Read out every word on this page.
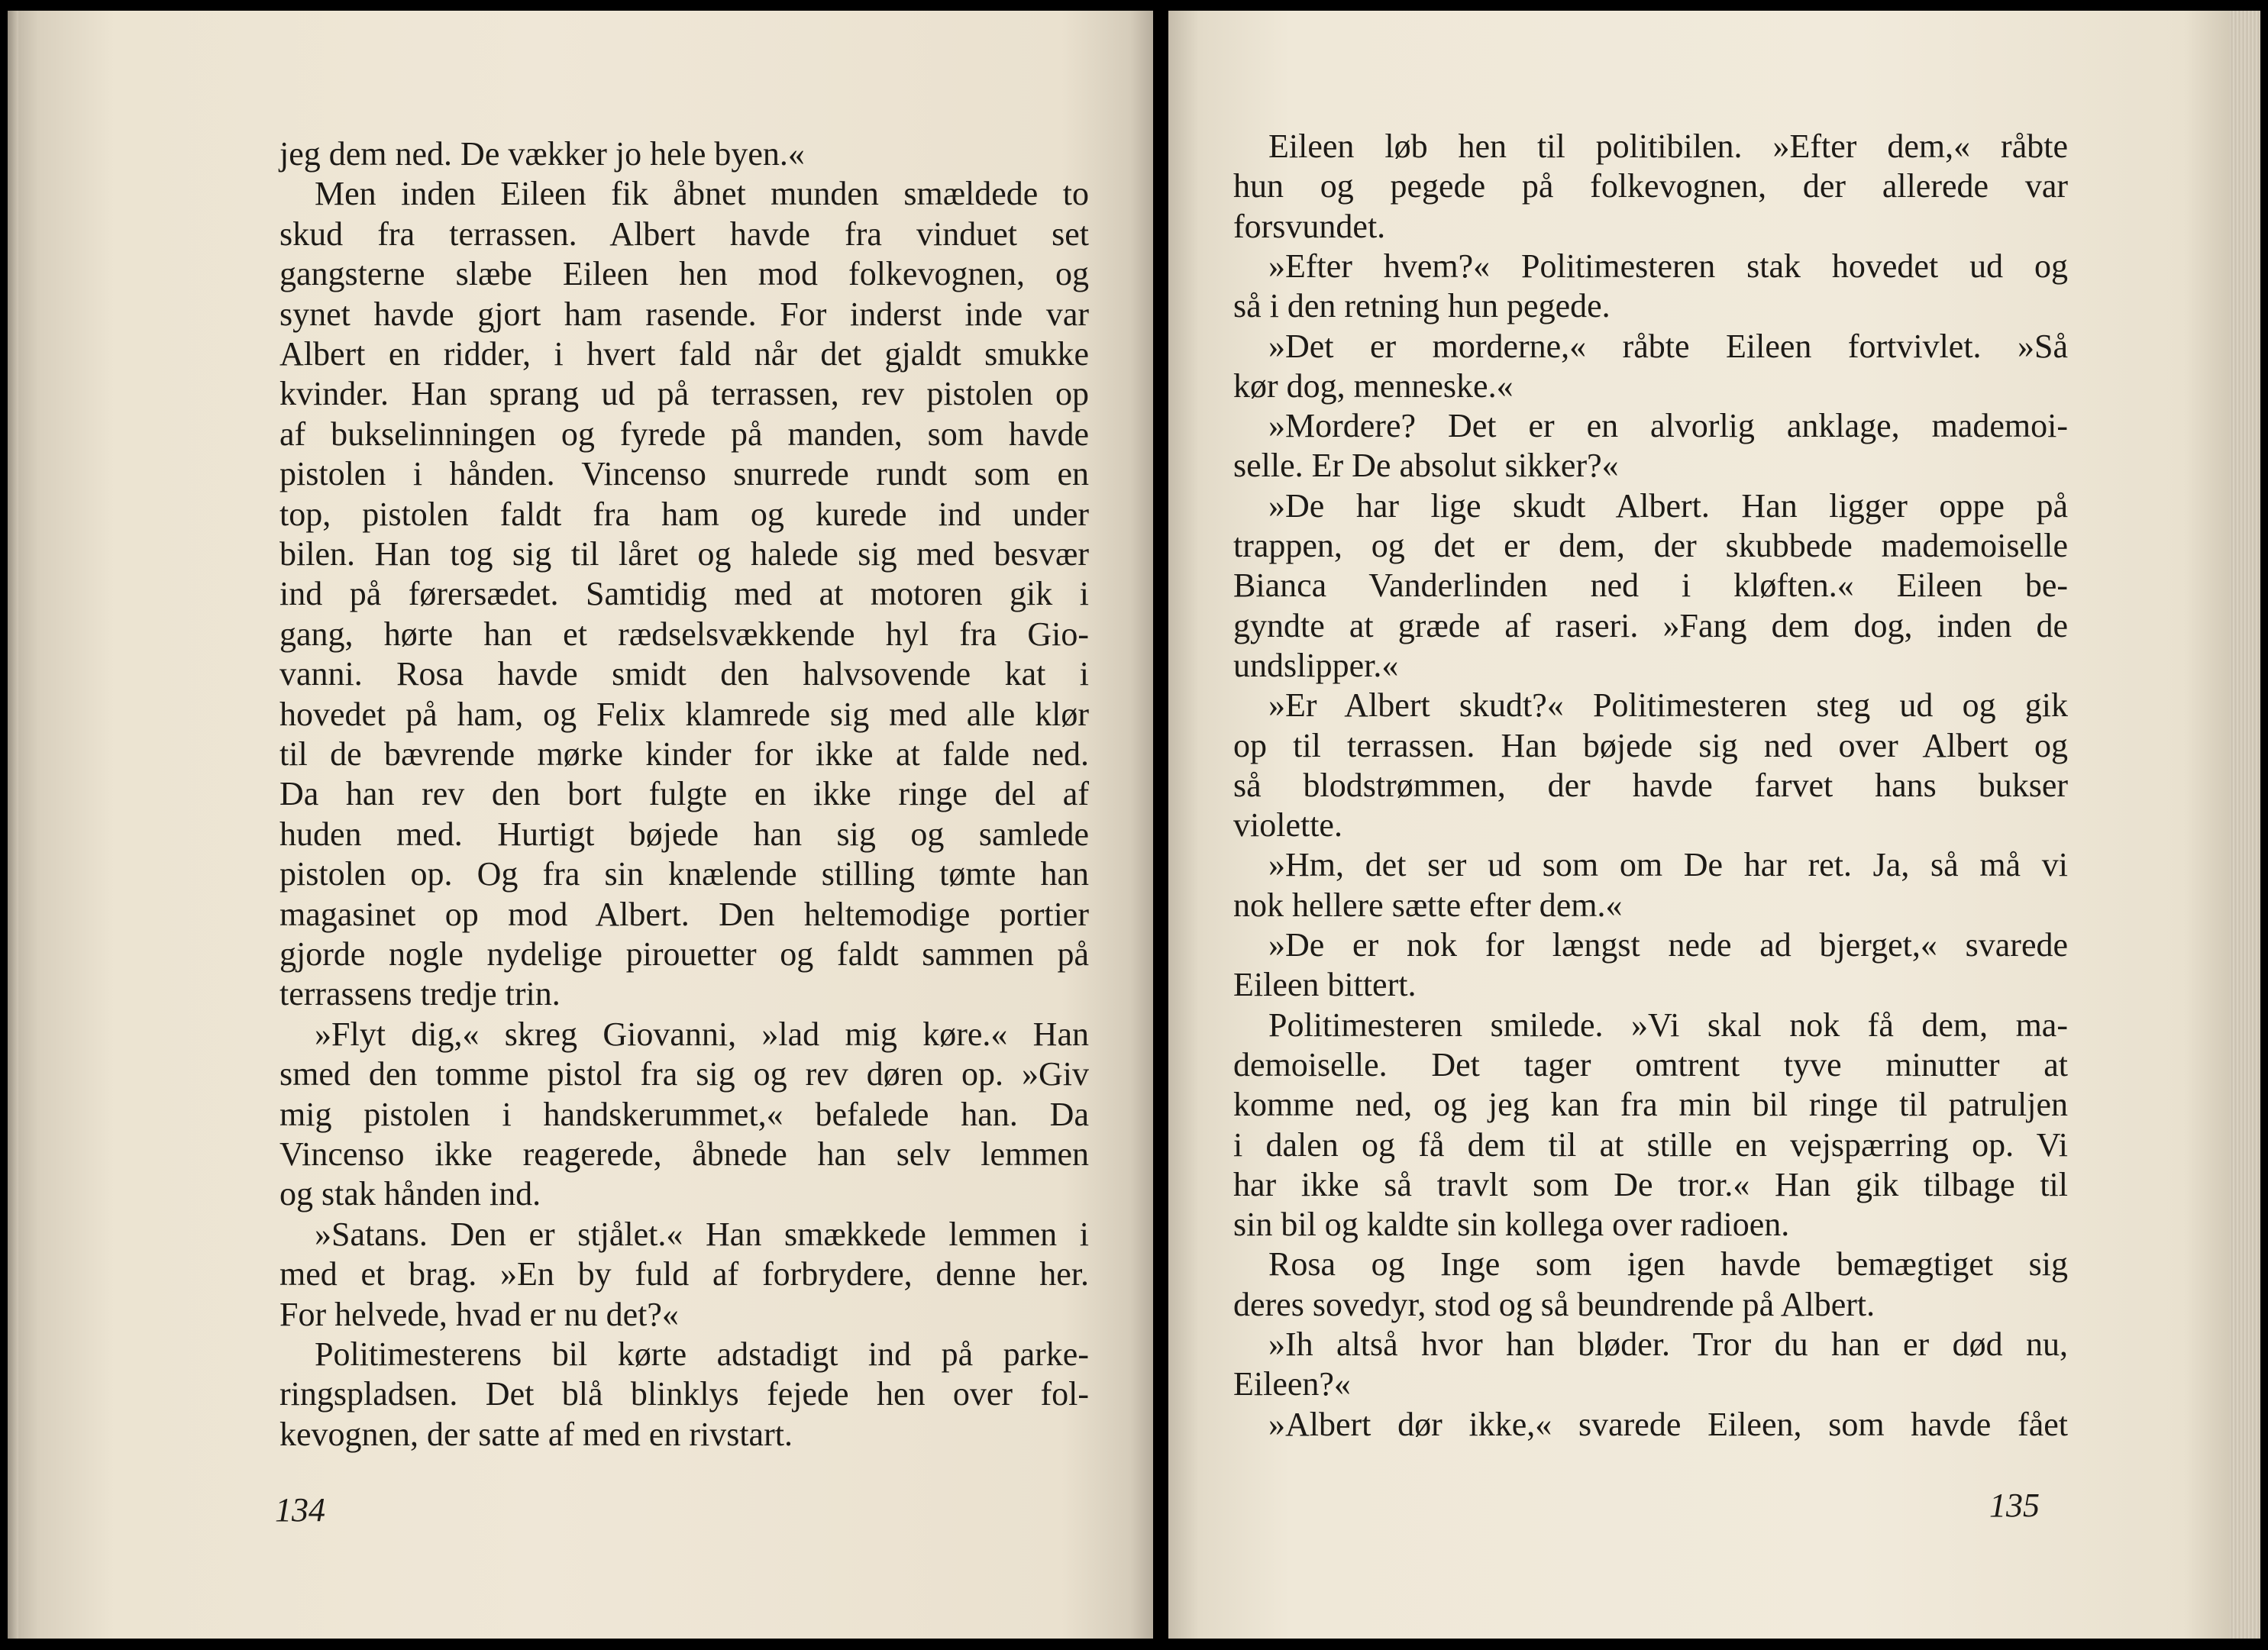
jeg dem ned. De vækker jo hele byen.«
Men inden Eileen fik åbnet munden smældede to
skud fra terrassen. Albert havde fra vinduet set
gangsterne slæbe Eileen hen mod folkevognen, og
synet havde gjort ham rasende. For inderst inde var
Albert en ridder, i hvert fald når det gjaldt smukke
kvinder. Han sprang ud på terrassen, rev pistolen op
af bukselinningen og fyrede på manden, som havde
pistolen i hånden. Vincenso snurrede rundt som en
top, pistolen faldt fra ham og kurede ind under
bilen. Han tog sig til låret og halede sig med besvær
ind på førersædet. Samtidig med at motoren gik i
gang, hørte han et rædselsvækkende hyl fra Gio-
vanni. Rosa havde smidt den halvsovende kat i
hovedet på ham, og Felix klamrede sig med alle klør
til de bævrende mørke kinder for ikke at falde ned.
Da han rev den bort fulgte en ikke ringe del af
huden med. Hurtigt bøjede han sig og samlede
pistolen op. Og fra sin knælende stilling tømte han
magasinet op mod Albert. Den heltemodige portier
gjorde nogle nydelige pirouetter og faldt sammen på
terrassens tredje trin.
»Flyt dig,« skreg Giovanni, »lad mig køre.« Han
smed den tomme pistol fra sig og rev døren op. »Giv
mig pistolen i handskerummet,« befalede han. Da
Vincenso ikke reagerede, åbnede han selv lemmen
og stak hånden ind.
»Satans. Den er stjålet.« Han smækkede lemmen i
med et brag. »En by fuld af forbrydere, denne her.
For helvede, hvad er nu det?«
Politimesterens bil kørte adstadigt ind på parke-
ringspladsen. Det blå blinklys fejede hen over fol-
kevognen, der satte af med en rivstart.
134
Eileen løb hen til politibilen. »Efter dem,« råbte
hun og pegede på folkevognen, der allerede var
forsvundet.
»Efter hvem?« Politimesteren stak hovedet ud og
så i den retning hun pegede.
»Det er morderne,« råbte Eileen fortvivlet. »Så
kør dog, menneske.«
»Mordere? Det er en alvorlig anklage, mademoi-
selle. Er De absolut sikker?«
»De har lige skudt Albert. Han ligger oppe på
trappen, og det er dem, der skubbede mademoiselle
Bianca Vanderlinden ned i kløften.« Eileen be-
gyndte at græde af raseri. »Fang dem dog, inden de
undslipper.«
»Er Albert skudt?« Politimesteren steg ud og gik
op til terrassen. Han bøjede sig ned over Albert og
så blodstrømmen, der havde farvet hans bukser
violette.
»Hm, det ser ud som om De har ret. Ja, så må vi
nok hellere sætte efter dem.«
»De er nok for længst nede ad bjerget,« svarede
Eileen bittert.
Politimesteren smilede. »Vi skal nok få dem, ma-
demoiselle. Det tager omtrent tyve minutter at
komme ned, og jeg kan fra min bil ringe til patruljen
i dalen og få dem til at stille en vejspærring op. Vi
har ikke så travlt som De tror.« Han gik tilbage til
sin bil og kaldte sin kollega over radioen.
Rosa og Inge som igen havde bemægtiget sig
deres sovedyr, stod og så beundrende på Albert.
»Ih altså hvor han bløder. Tror du han er død nu,
Eileen?«
»Albert dør ikke,« svarede Eileen, som havde fået
135
